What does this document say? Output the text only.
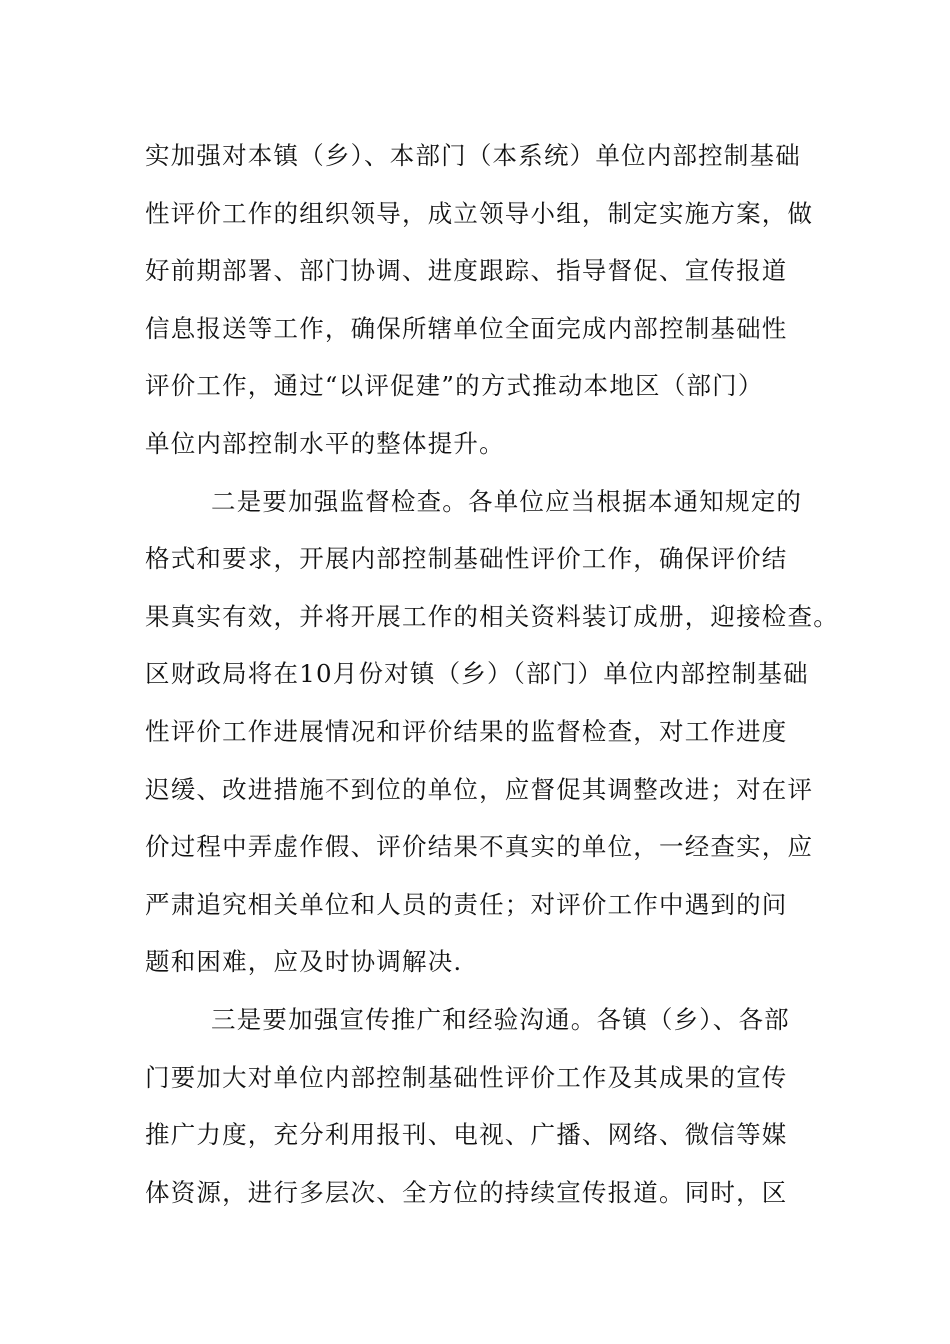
实加强对本镇（乡）、本部门（本系统）单位内部控制基础
性评价工作的组织领导，成立领导小组，制定实施方案，做
好前期部署、部门协调、进度跟踪、指导督促、宣传报道
信息报送等工作，确保所辖单位全面完成内部控制基础性
评价工作，通过“以评促建”的方式推动本地区（部门）
单位内部控制水平的整体提升。
二是要加强监督检查。各单位应当根据本通知规定的
格式和要求，开展内部控制基础性评价工作，确保评价结
果真实有效，并将开展工作的相关资料装订成册，迎接检查。
区财政局将在10月份对镇（乡）（部门）单位内部控制基础
性评价工作进展情况和评价结果的监督检查，对工作进度
迟缓、改进措施不到位的单位，应督促其调整改进；对在评
价过程中弄虚作假、评价结果不真实的单位，一经查实，应
严肃追究相关单位和人员的责任；对评价工作中遇到的问
题和困难，应及时协调解决.
三是要加强宣传推广和经验沟通。各镇（乡）、各部
门要加大对单位内部控制基础性评价工作及其成果的宣传
推广力度，充分利用报刊、电视、广播、网络、微信等媒
体资源，进行多层次、全方位的持续宣传报道。同时，区
